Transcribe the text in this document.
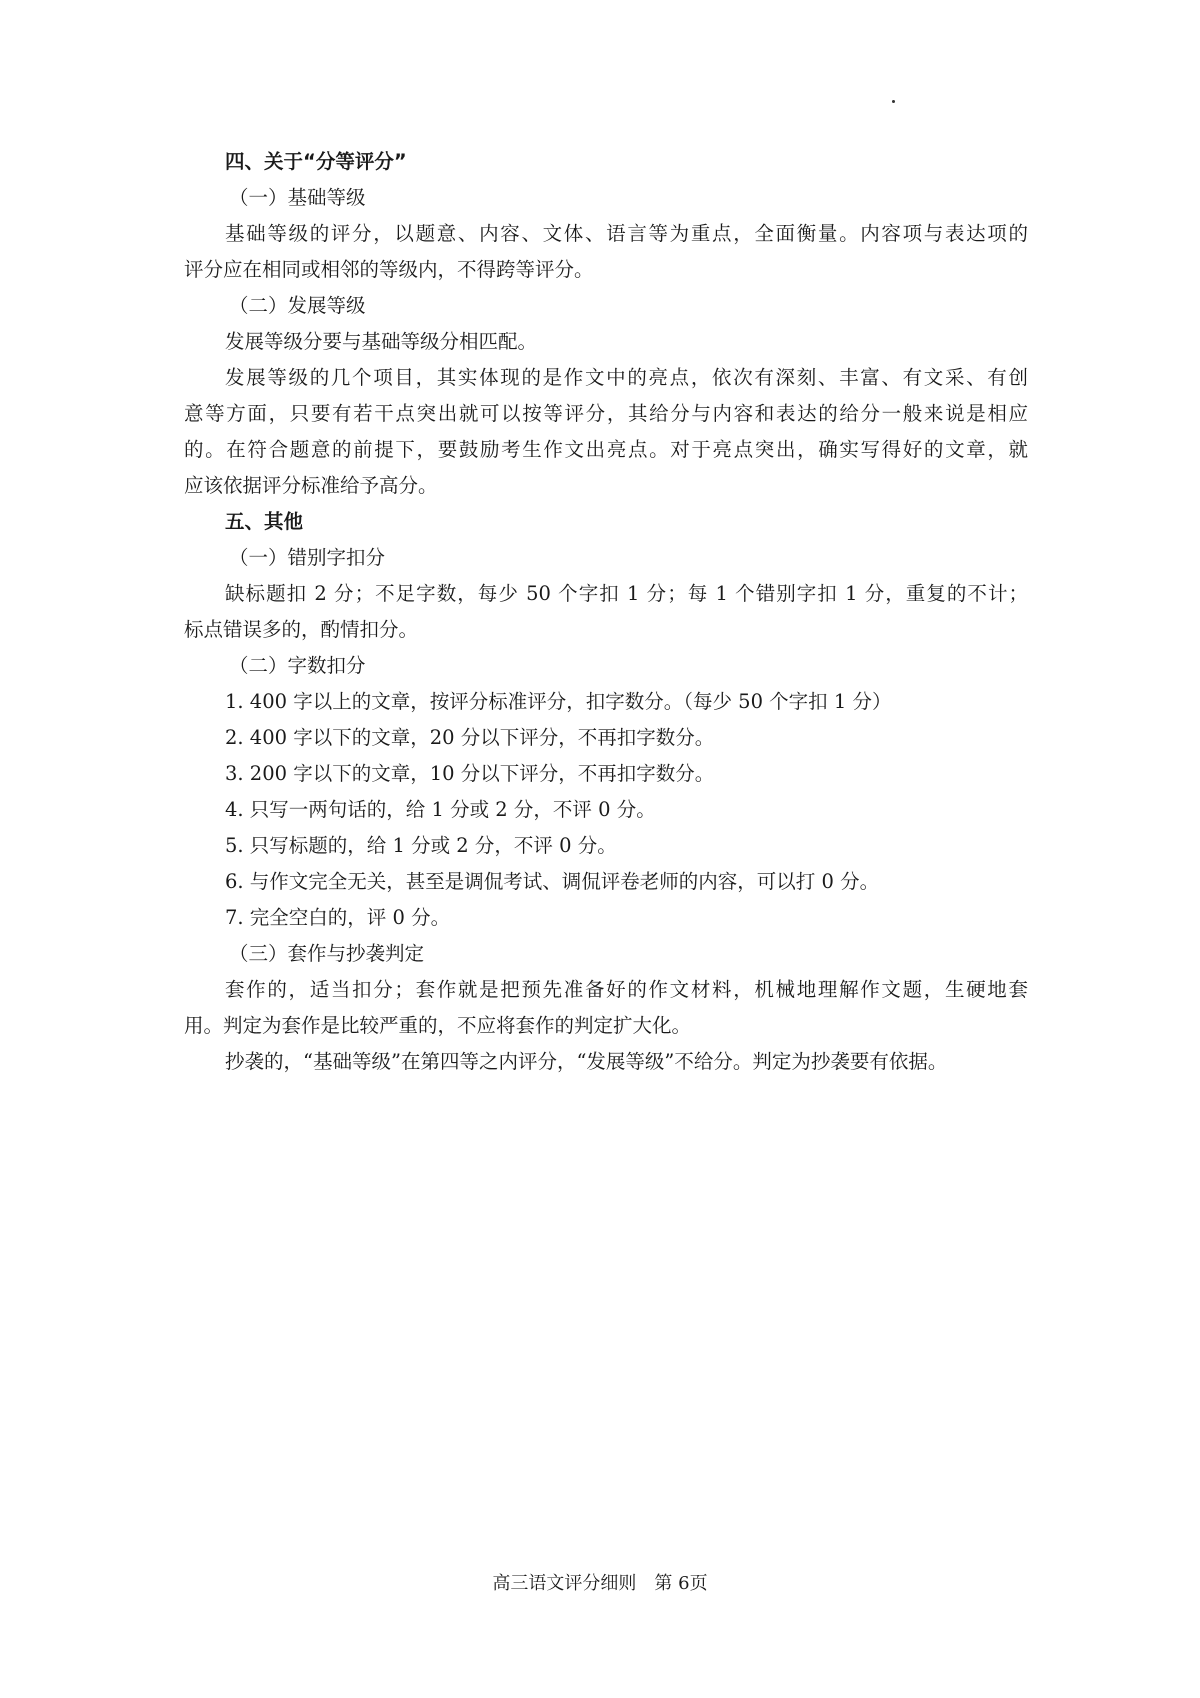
四、关于“分等评分”

（一）基础等级

基础等级的评分，以题意、内容、文体、语言等为重点，全面衡量。内容项与表达项的

评分应在相同或相邻的等级内，不得跨等评分。

（二）发展等级

发展等级分要与基础等级分相匹配。

发展等级的几个项目，其实体现的是作文中的亮点，依次有深刻、丰富、有文采、有创

意等方面，只要有若干点突出就可以按等评分，其给分与内容和表达的给分一般来说是相应

的。在符合题意的前提下，要鼓励考生作文出亮点。对于亮点突出，确实写得好的文章，就

应该依据评分标准给予高分。

五、其他

（一）错别字扣分

缺标题扣 2 分；不足字数，每少 50 个字扣 1 分；每 1 个错别字扣 1 分，重复的不计；

标点错误多的，酌情扣分。

（二）字数扣分

1. 400 字以上的文章，按评分标准评分，扣字数分。（每少 50 个字扣 1 分）

2. 400 字以下的文章，20 分以下评分，不再扣字数分。

3. 200 字以下的文章，10 分以下评分，不再扣字数分。

4. 只写一两句话的，给 1 分或 2 分，不评 0 分。

5. 只写标题的，给 1 分或 2 分，不评 0 分。

6. 与作文完全无关，甚至是调侃考试、调侃评卷老师的内容，可以打 0 分。

7. 完全空白的，评 0 分。

（三）套作与抄袭判定

套作的，适当扣分；套作就是把预先准备好的作文材料，机械地理解作文题，生硬地套

用。判定为套作是比较严重的，不应将套作的判定扩大化。

抄袭的，“基础等级”在第四等之内评分，“发展等级”不给分。判定为抄袭要有依据。

高三语文评分细则　第 6页
